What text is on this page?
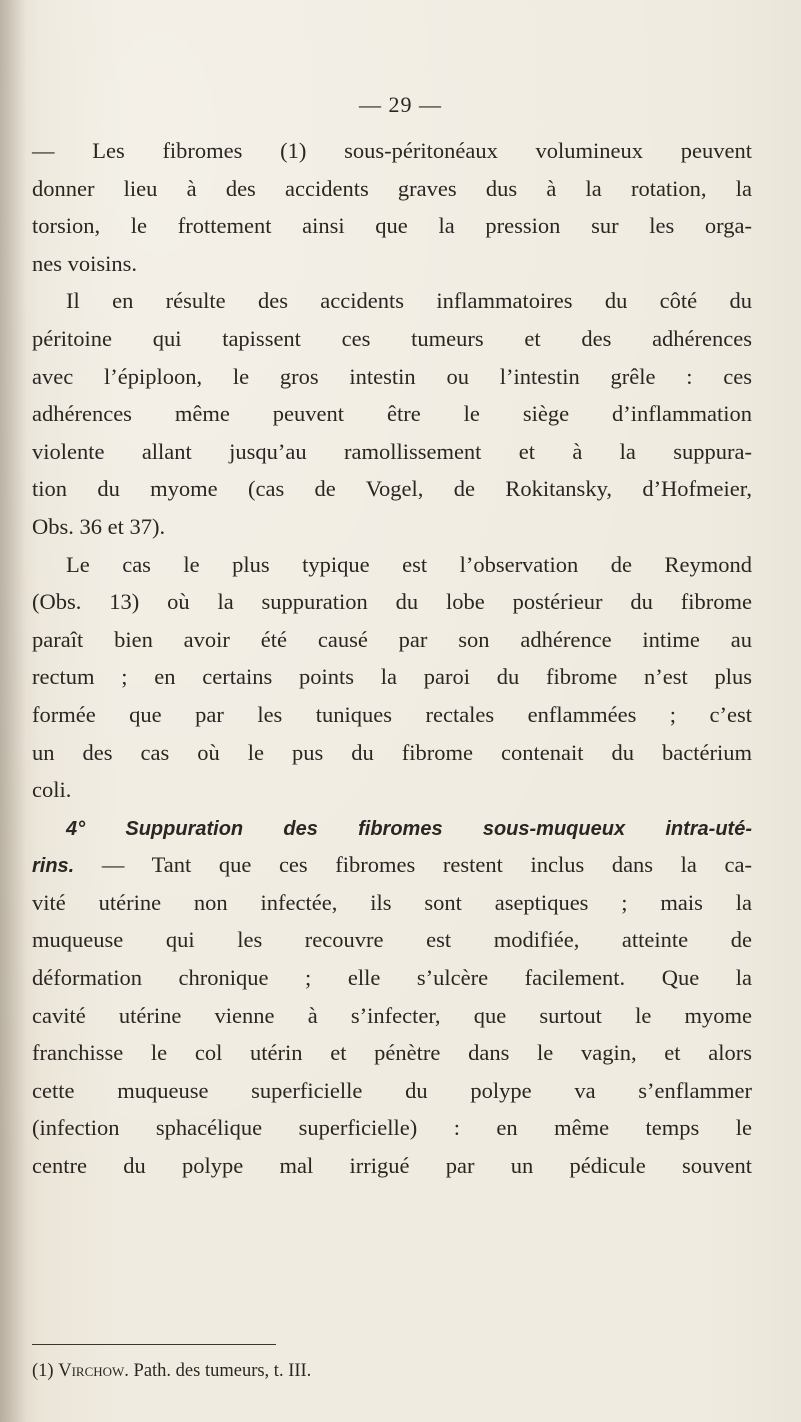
— 29 —
— Les fibromes (1) sous-péritonéaux volumineux peuvent
donner lieu à des accidents graves dus à la rotation, la
torsion, le frottement ainsi que la pression sur les orga-
nes voisins.
Il en résulte des accidents inflammatoires du côté du
péritoine qui tapissent ces tumeurs et des adhérences
avec l’épiploon, le gros intestin ou l’intestin grêle : ces
adhérences même peuvent être le siège d’inflammation
violente allant jusqu’au ramollissement et à la suppura-
tion du myome (cas de Vogel, de Rokitansky, d’Hofmeier,
Obs. 36 et 37).
Le cas le plus typique est l’observation de Reymond
(Obs. 13) où la suppuration du lobe postérieur du fibrome
paraît bien avoir été causé par son adhérence intime au
rectum ; en certains points la paroi du fibrome n’est plus
formée que par les tuniques rectales enflammées ; c’est
un des cas où le pus du fibrome contenait du bactérium
coli.
4° Suppuration des fibromes sous-muqueux intra-uté-
rins. — Tant que ces fibromes restent inclus dans la ca-
vité utérine non infectée, ils sont aseptiques ; mais la
muqueuse qui les recouvre est modifiée, atteinte de
déformation chronique ; elle s’ulcère facilement. Que la
cavité utérine vienne à s’infecter, que surtout le myome
franchisse le col utérin et pénètre dans le vagin, et alors
cette muqueuse superficielle du polype va s’enflammer
(infection sphacélique superficielle) : en même temps le
centre du polype mal irrigué par un pédicule souvent
(1) Virchow. Path. des tumeurs, t. III.
